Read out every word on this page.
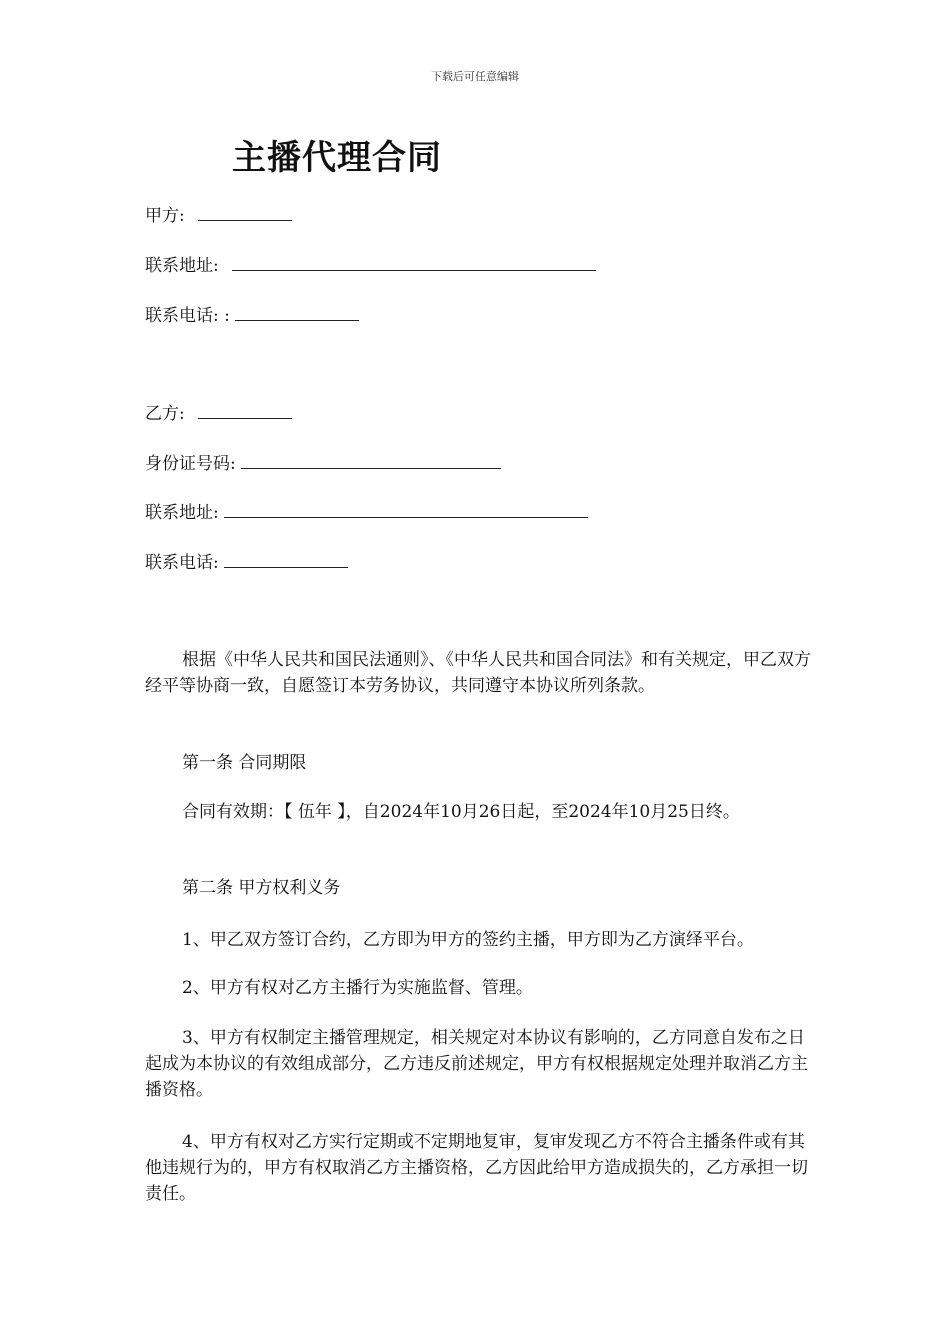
下载后可任意编辑
主播代理合同
甲方:
联系地址:
联系电话: :
乙方:
身份证号码:
联系地址:
联系电话:
根据《中华人民共和国民法通则》、《中华人民共和国合同法》和有关规定，甲乙双方经平等协商一致，自愿签订本劳务协议，共同遵守本协议所列条款。
第一条 合同期限
合同有效期：【 伍年 】，自2024年10月26日起，至2024年10月25日终。
第二条 甲方权利义务
1、甲乙双方签订合约，乙方即为甲方的签约主播，甲方即为乙方演绎平台。
2、甲方有权对乙方主播行为实施监督、管理。
3、甲方有权制定主播管理规定，相关规定对本协议有影响的，乙方同意自发布之日起成为本协议的有效组成部分，乙方违反前述规定，甲方有权根据规定处理并取消乙方主播资格。
4、甲方有权对乙方实行定期或不定期地复审，复审发现乙方不符合主播条件或有其他违规行为的，甲方有权取消乙方主播资格，乙方因此给甲方造成损失的，乙方承担一切责任。
